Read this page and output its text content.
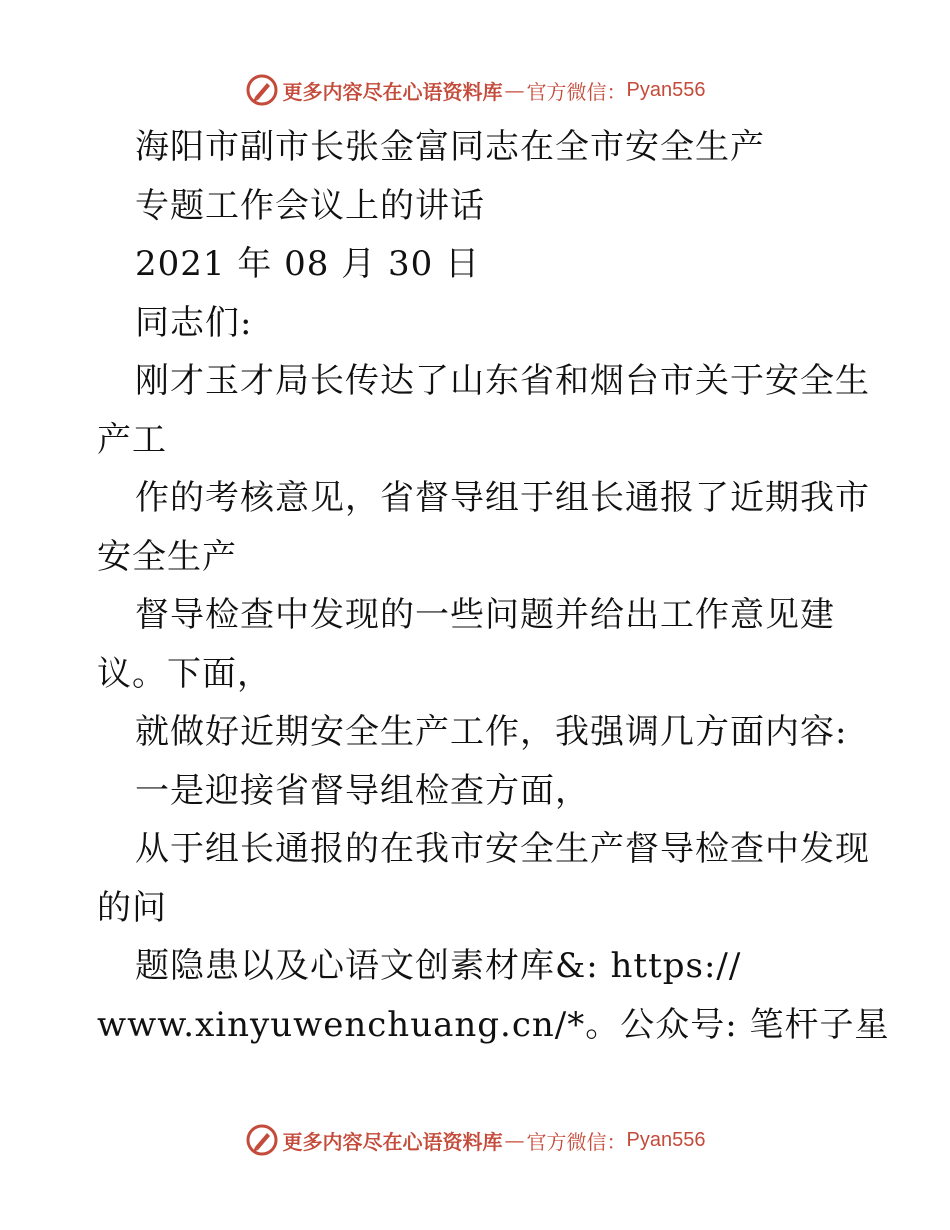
更多内容尽在心语资料库 — 官方微信： Pyan556
海阳市副市长张金富同志在全市安全生产
专题工作会议上的讲话
2021 年 08 月 30 日
同志们:
刚才玉才局长传达了山东省和烟台市关于安全生
产工
作的考核意见，省督导组于组长通报了近期我市
安全生产
督导检查中发现的一些问题并给出工作意见建
议。下面，
就做好近期安全生产工作，我强调几方面内容:
一是迎接省督导组检查方面，
从于组长通报的在我市安全生产督导检查中发现
的问
题隐患以及心语文创素材库&: https://
www.xinyuwenchuang.cn/*。公众号: 笔杆子星
更多内容尽在心语资料库 — 官方微信： Pyan556
